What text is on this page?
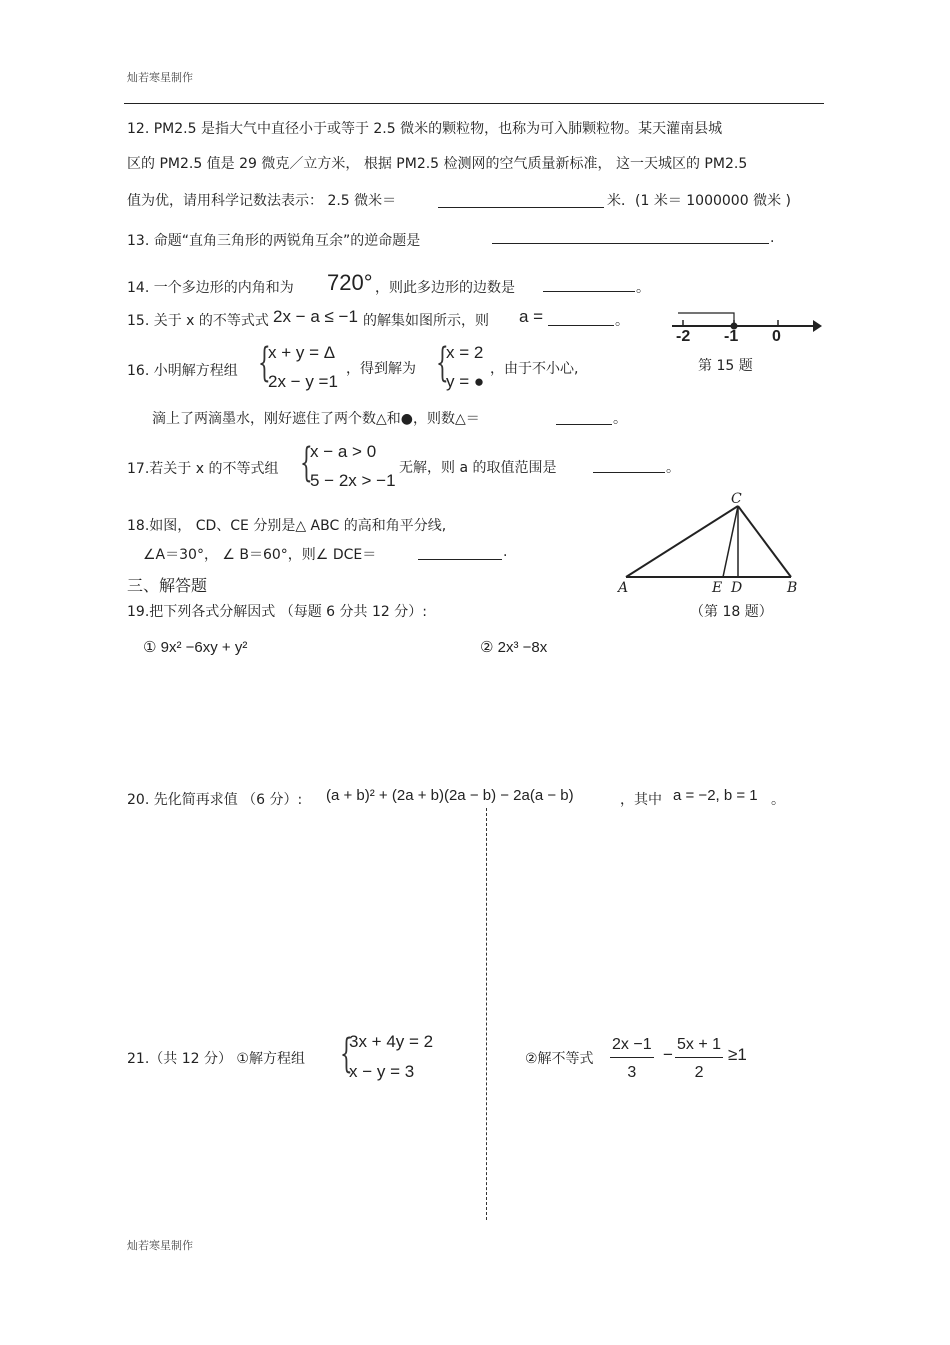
灿若寒星制作
12. PM2.5 是指大气中直径小于或等于 2.5 微米的颗粒物，也称为可入肺颗粒物。某天灌南县城
区的 PM2.5 值是 29 微克／立方米， 根据 PM2.5 检测网的空气质量新标准， 这一天城区的 PM2.5
值为优，请用科学记数法表示： 2.5 微米＝	米．(1 米＝ 1000000 微米 )
13. 命题“直角三角形的两锐角互余”的逆命题是	.
14. 一个多边形的内角和为 720° ，则此多边形的边数是	。
15. 关于 x 的不等式式 2x − a ≤ −1 的解集如图所示，则 a =	。
-2 -1 0
第 15 题
16. 小明解方程组 {
x + y = Δ
2x − y =1
，得到解为 {
x = 2
y = ●
，由于不小心,
滴上了两滴墨水，刚好遮住了两个数△和●，则数△＝	。
17.若关于 x 的不等式组 {
x − a > 0
5 − 2x > −1
无解，则 a 的取值范围是	。
18.如图， CD、CE 分别是△ ABC 的高和角平分线,
∠A＝30°， ∠ B＝60°，则∠ DCE＝	.
C
A	E D	B
（第 18 题）
三、解答题
19.把下列各式分解因式 （每题 6 分共 12 分）:
① 9x² −6xy + y²	② 2x³ −8x
20. 先化简再求值 （6 分）: (a + b)² + (2a + b)(2a − b) − 2a(a − b)	，其中 a = −2, b = 1 。
21.（共 12 分） ①解方程组 {
3x + 4y = 2
x − y = 3
②解不等式 $\frac{2x -1}{3} - \frac{5x + 1}{2} \ge 1$
灿若寒星制作
